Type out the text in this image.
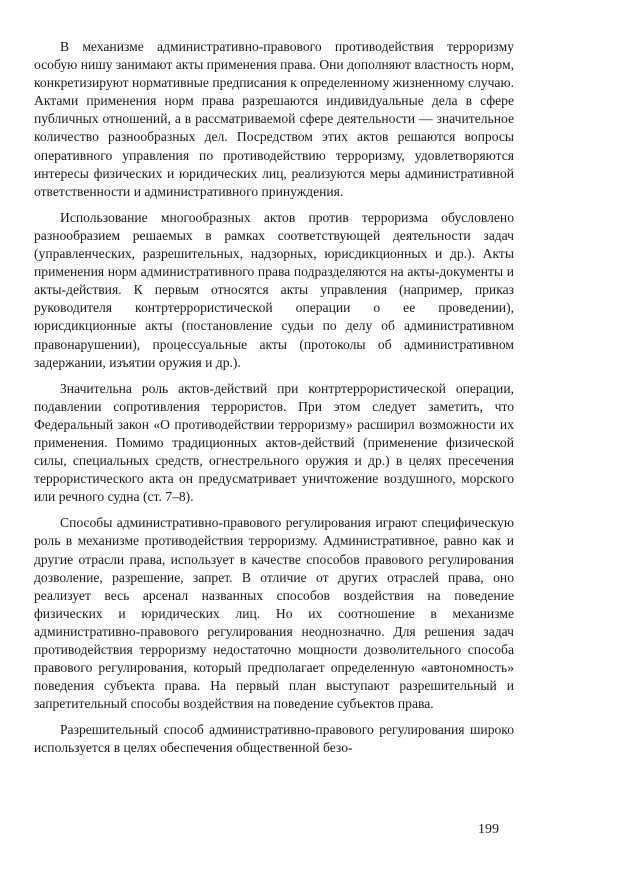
В механизме административно-правового противодействия терроризму особую нишу занимают акты применения права. Они дополняют властность норм, конкретизируют нормативные предписания к определенному жизненному случаю. Актами применения норм права разрешаются индивидуальные дела в сфере публичных отношений, а в рассматриваемой сфере деятельности — значительное количество разнообразных дел. Посредством этих актов решаются вопросы оперативного управления по противодействию терроризму, удовлетворяются интересы физических и юридических лиц, реализуются меры административной ответственности и административного принуждения.

Использование многообразных актов против терроризма обусловлено разнообразием решаемых в рамках соответствующей деятельности задач (управленческих, разрешительных, надзорных, юрисдикционных и др.). Акты применения норм административного права подразделяются на акты-документы и акты-действия. К первым относятся акты управления (например, приказ руководителя контртеррористической операции о ее проведении), юрисдикционные акты (постановление судьи по делу об административном правонарушении), процессуальные акты (протоколы об административном задержании, изъятии оружия и др.).

Значительна роль актов-действий при контртеррористической операции, подавлении сопротивления террористов. При этом следует заметить, что Федеральный закон «О противодействии терроризму» расширил возможности их применения. Помимо традиционных актов-действий (применение физической силы, специальных средств, огнестрельного оружия и др.) в целях пресечения террористического акта он предусматривает уничтожение воздушного, морского или речного судна (ст. 7–8).

Способы административно-правового регулирования играют специфическую роль в механизме противодействия терроризму. Административное, равно как и другие отрасли права, использует в качестве способов правового регулирования дозволение, разрешение, запрет. В отличие от других отраслей права, оно реализует весь арсенал названных способов воздействия на поведение физических и юридических лиц. Но их соотношение в механизме административно-правового регулирования неоднозначно. Для решения задач противодействия терроризму недостаточно мощности дозволительного способа правового регулирования, который предполагает определенную «автономность» поведения субъекта права. На первый план выступают разрешительный и запретительный способы воздействия на поведение субъектов права.

Разрешительный способ административно-правового регулирования широко используется в целях обеспечения общественной безо-

199
